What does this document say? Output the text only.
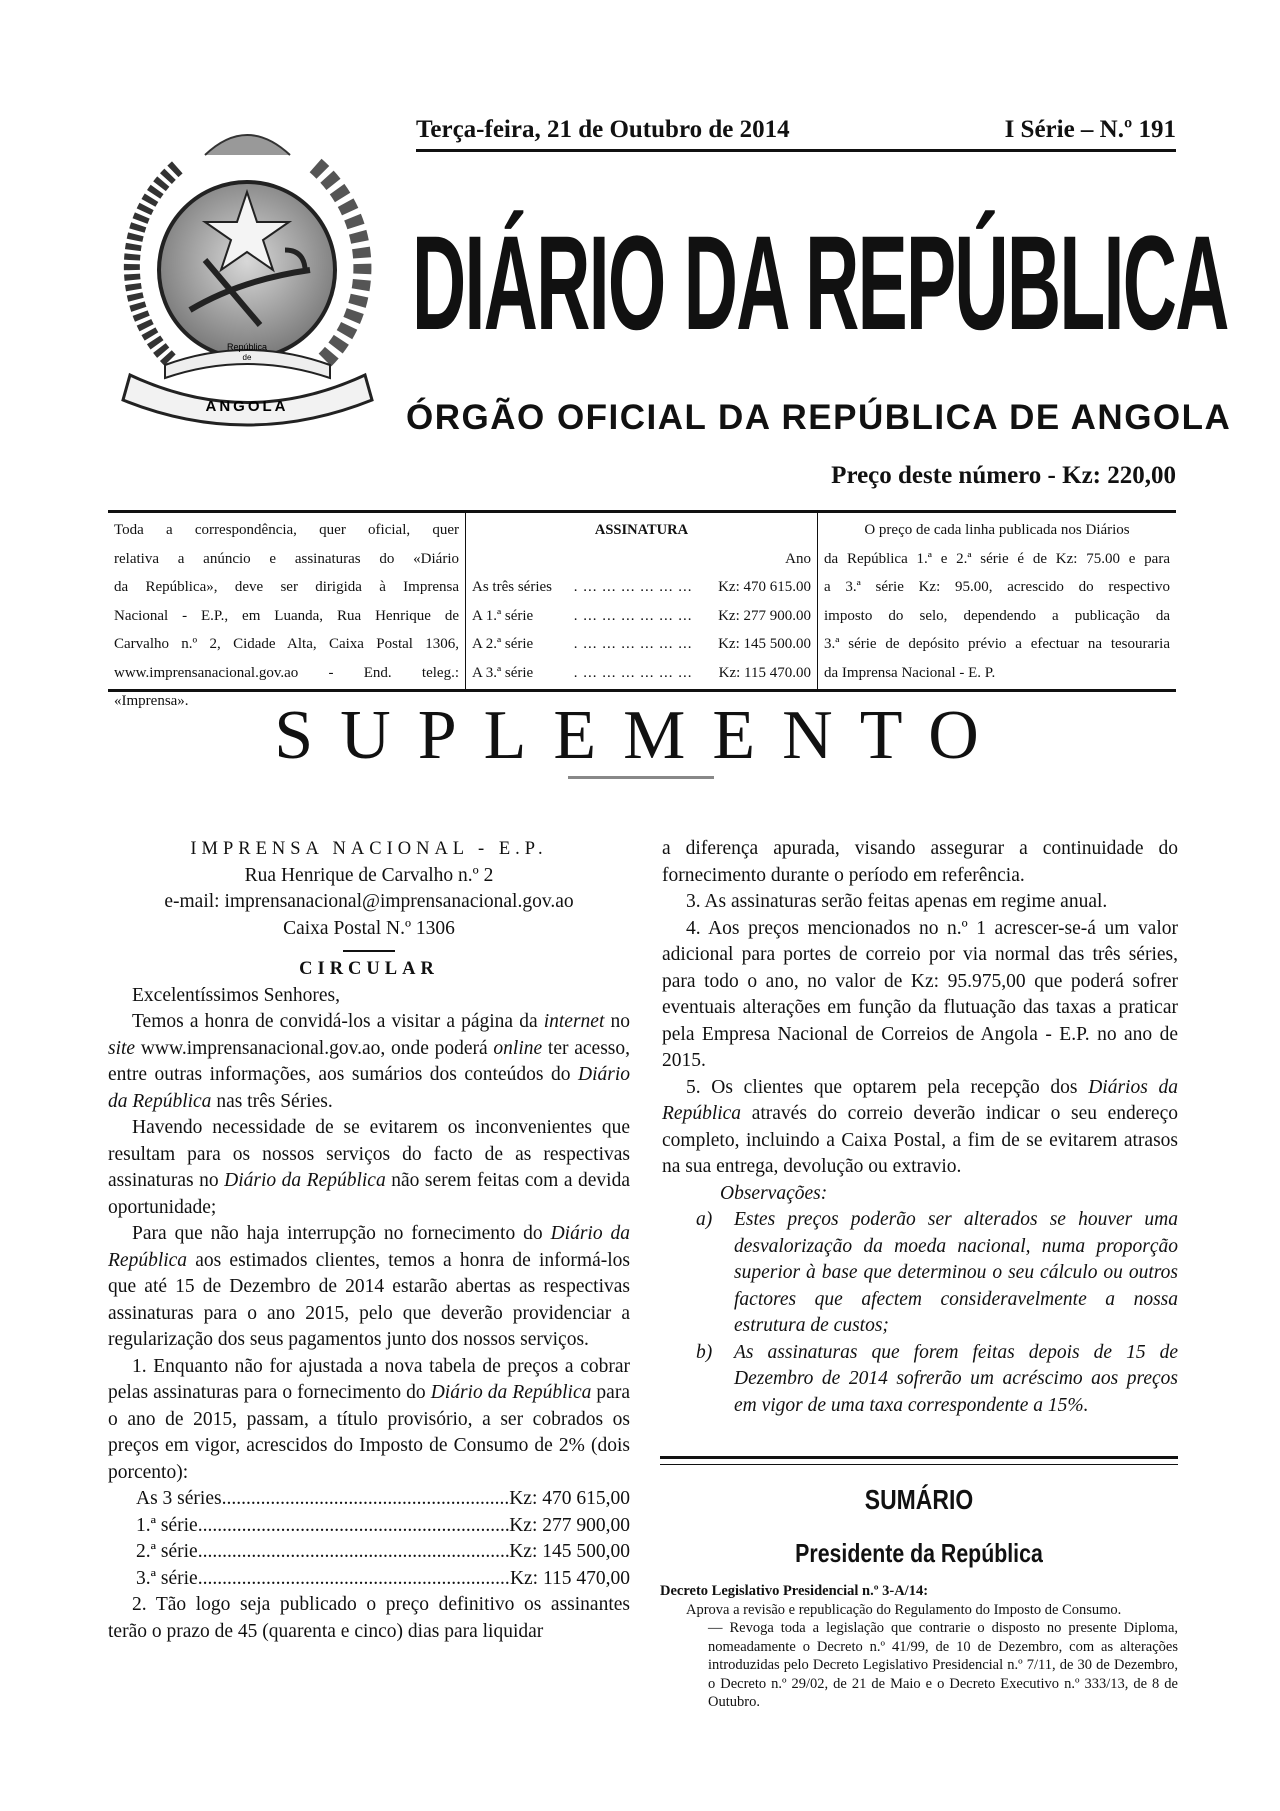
República
de
ANGOLA
Terça-feira, 21 de Outubro de 2014	I Série – N.º 191
DIÁRIO DA REPÚBLICA
ÓRGÃO OFICIAL DA REPÚBLICA DE ANGOLA
Preço deste número - Kz: 220,00
Toda a correspondência, quer oficial, quer
relativa a anúncio e assinaturas do «Diário
da República», deve ser dirigida à Imprensa
Nacional - E.P., em Luanda, Rua Henrique de
Carvalho n.º 2, Cidade Alta, Caixa Postal 1306,
www.imprensanacional.gov.ao - End. teleg.:
«Imprensa».
ASSINATURA
Ano
As três séries	. ... ... ... ... ... ...	Kz: 470 615.00
A 1.ª série	. ... ... ... ... ... ...	Kz: 277 900.00
A 2.ª série	. ... ... ... ... ... ...	Kz: 145 500.00
A 3.ª série	. ... ... ... ... ... ...	Kz: 115 470.00
O preço de cada linha publicada nos Diários
da República 1.ª e 2.ª série é de Kz: 75.00 e para
a 3.ª série Kz: 95.00, acrescido do respectivo
imposto do selo, dependendo a publicação da
3.ª série de depósito prévio a efectuar na tesouraria
da Imprensa Nacional - E. P.
SUPLEMENTO
IMPRENSA NACIONAL - E.P.
Rua Henrique de Carvalho n.º 2
e-mail: imprensanacional@imprensanacional.gov.ao
Caixa Postal N.º 1306
CIRCULAR

Excelentíssimos Senhores,

Temos a honra de convidá-los a visitar a página da internet no site www.imprensanacional.gov.ao, onde poderá online ter acesso, entre outras informações, aos sumários dos conteúdos do Diário da República nas três Séries.

Havendo necessidade de se evitarem os inconvenientes que resultam para os nossos serviços do facto de as respectivas assinaturas no Diário da República não serem feitas com a devida oportunidade;

Para que não haja interrupção no fornecimento do Diário da República aos estimados clientes, temos a honra de informá-los que até 15 de Dezembro de 2014 estarão abertas as respectivas assinaturas para o ano 2015, pelo que deverão providenciar a regularização dos seus pagamentos junto dos nossos serviços.

1. Enquanto não for ajustada a nova tabela de preços a cobrar pelas assinaturas para o fornecimento do Diário da República para o ano de 2015, passam, a título provisório, a ser cobrados os preços em vigor, acrescidos do Imposto de Consumo de 2% (dois porcento):

As 3 séries .....	Kz: 470 615,00
1.ª série .....	Kz: 277 900,00
2.ª série .....	Kz: 145 500,00
3.ª série .....	Kz: 115 470,00

2. Tão logo seja publicado o preço definitivo os assinantes terão o prazo de 45 (quarenta e cinco) dias para liquidar

a diferença apurada, visando assegurar a continuidade do fornecimento durante o período em referência.

3. As assinaturas serão feitas apenas em regime anual.

4. Aos preços mencionados no n.º 1 acrescer-se-á um valor adicional para portes de correio por via normal das três séries, para todo o ano, no valor de Kz: 95.975,00 que poderá sofrer eventuais alterações em função da flutuação das taxas a praticar pela Empresa Nacional de Correios de Angola - E.P. no ano de 2015.

5. Os clientes que optarem pela recepção dos Diários da República através do correio deverão indicar o seu endereço completo, incluindo a Caixa Postal, a fim de se evitarem atrasos na sua entrega, devolução ou extravio.

Observações:
a)	Estes preços poderão ser alterados se houver uma desvalorização da moeda nacional, numa proporção superior à base que determinou o seu cálculo ou outros factores que afectem consideravelmente a nossa estrutura de custos;
b)	As assinaturas que forem feitas depois de 15 de Dezembro de 2014 sofrerão um acréscimo aos preços em vigor de uma taxa correspondente a 15%.
SUMÁRIO
Presidente da República
Decreto Legislativo Presidencial n.º 3-A/14:
Aprova a revisão e republicação do Regulamento do Imposto de Consumo.
— Revoga toda a legislação que contrarie o disposto no presente Diploma, nomeadamente o Decreto n.º 41/99, de 10 de Dezembro, com as alterações introduzidas pelo Decreto Legislativo Presidencial n.º 7/11, de 30 de Dezembro, o Decreto n.º 29/02, de 21 de Maio e o Decreto Executivo n.º 333/13, de 8 de Outubro.
